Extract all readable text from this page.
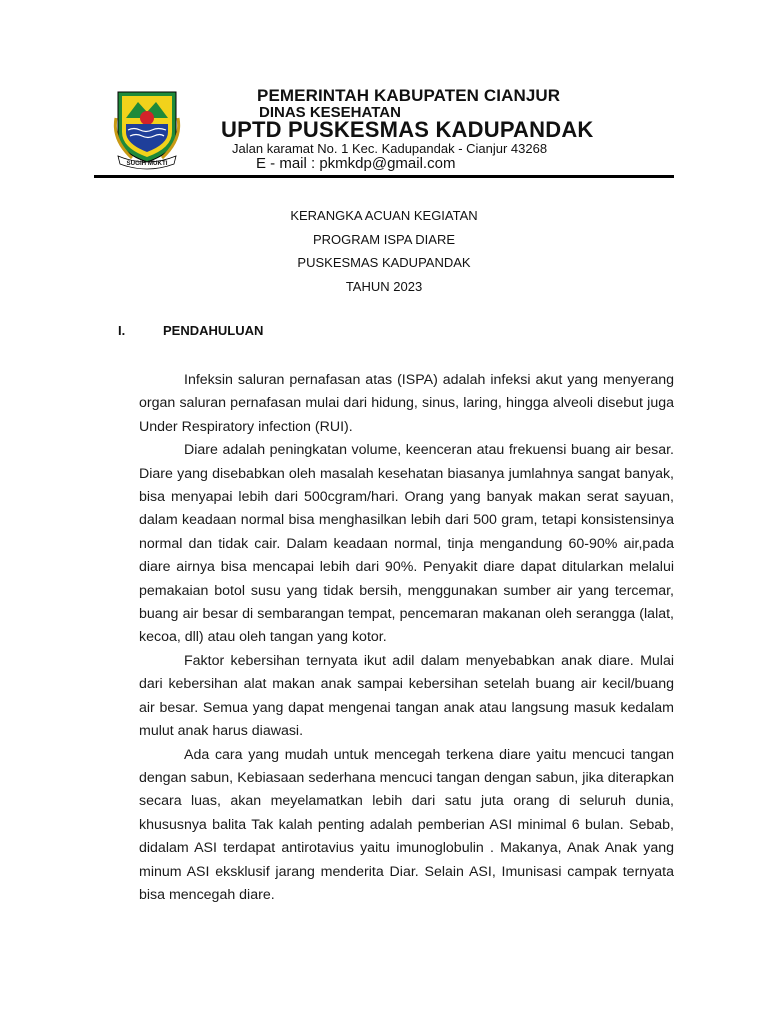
SUGIH MUKTI
PEMERINTAH KABUPATEN CIANJUR
DINAS KESEHATAN
UPTD PUSKESMAS KADUPANDAK
Jalan karamat No. 1 Kec. Kadupandak - Cianjur 43268
E - mail : pkmkdp@gmail.com
KERANGKA ACUAN KEGIATAN
PROGRAM ISPA DIARE
PUSKESMAS KADUPANDAK
TAHUN 2023
I.	PENDAHULUAN

Infeksin saluran pernafasan atas (ISPA) adalah infeksi akut yang menyerang organ saluran pernafasan mulai dari hidung, sinus, laring, hingga alveoli disebut juga Under Respiratory infection (RUI).

Diare adalah peningkatan volume, keenceran atau frekuensi buang air besar. Diare yang disebabkan oleh masalah kesehatan biasanya jumlahnya sangat banyak, bisa menyapai lebih dari 500cgram/hari. Orang yang banyak makan serat sayuan, dalam keadaan normal bisa menghasilkan lebih dari 500 gram, tetapi konsistensinya normal dan tidak cair. Dalam keadaan normal, tinja mengandung 60-90% air,pada diare airnya bisa mencapai lebih dari 90%. Penyakit diare dapat ditularkan melalui pemakaian botol susu yang tidak bersih, menggunakan sumber air yang tercemar, buang air besar di sembarangan tempat, pencemaran makanan oleh serangga (lalat, kecoa, dll) atau oleh tangan yang kotor.

Faktor kebersihan ternyata ikut adil dalam menyebabkan anak diare. Mulai dari kebersihan alat makan anak sampai kebersihan setelah buang air kecil/buang air besar. Semua yang dapat mengenai tangan anak atau langsung masuk kedalam mulut anak harus diawasi.

Ada cara yang mudah untuk mencegah terkena diare yaitu mencuci tangan dengan sabun, Kebiasaan sederhana mencuci tangan dengan sabun, jika diterapkan secara luas, akan meyelamatkan lebih dari satu juta orang di seluruh dunia, khususnya balita Tak kalah penting adalah pemberian ASI minimal 6 bulan. Sebab, didalam ASI terdapat antirotavius yaitu imunoglobulin . Makanya, Anak Anak yang minum ASI eksklusif jarang menderita Diar. Selain ASI, Imunisasi campak ternyata bisa mencegah diare.
